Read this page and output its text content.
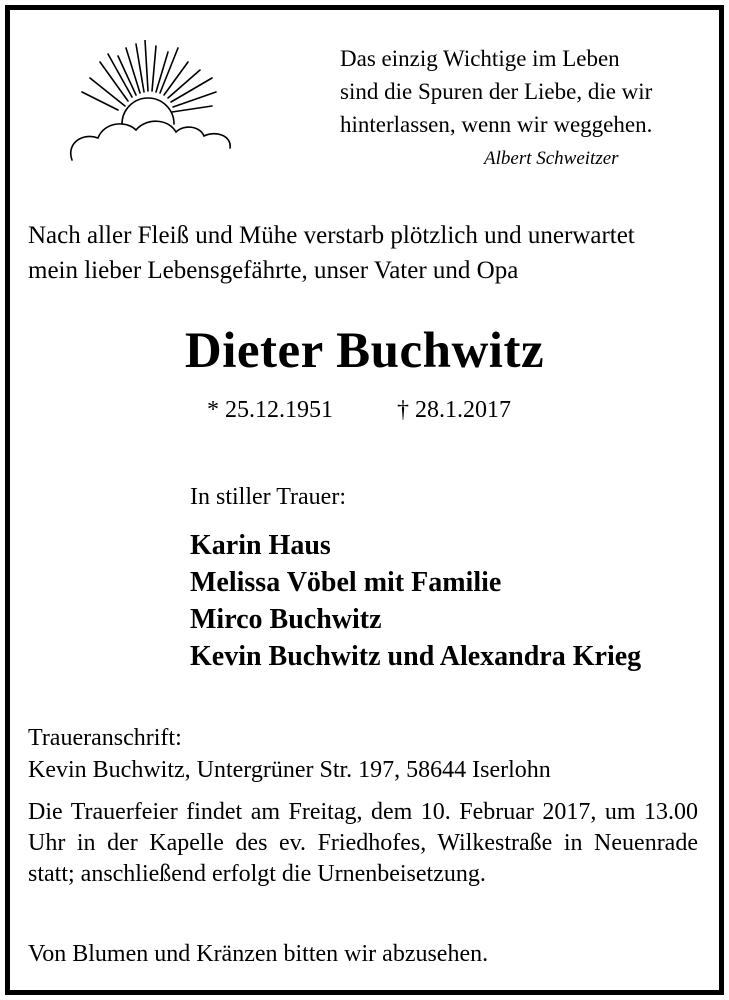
Das einzig Wichtige im Leben
sind die Spuren der Liebe, die wir
hinterlassen, wenn wir weggehen.
Albert Schweitzer
Nach aller Fleiß und Mühe verstarb plötzlich und unerwartet
mein lieber Lebensgefährte, unser Vater und Opa
Dieter Buchwitz
* 25.12.1951	† 28.1.2017
In stiller Trauer:
Karin Haus
Melissa Vöbel mit Familie
Mirco Buchwitz
Kevin Buchwitz und Alexandra Krieg
Traueranschrift:
Kevin Buchwitz, Untergrüner Str. 197, 58644 Iserlohn
Die Trauerfeier findet am Freitag, dem 10. Februar 2017, um 13.00 Uhr in der Kapelle des ev. Friedhofes, Wilkestraße in Neuenrade statt; anschließend erfolgt die Urnenbeisetzung.
Von Blumen und Kränzen bitten wir abzusehen.
